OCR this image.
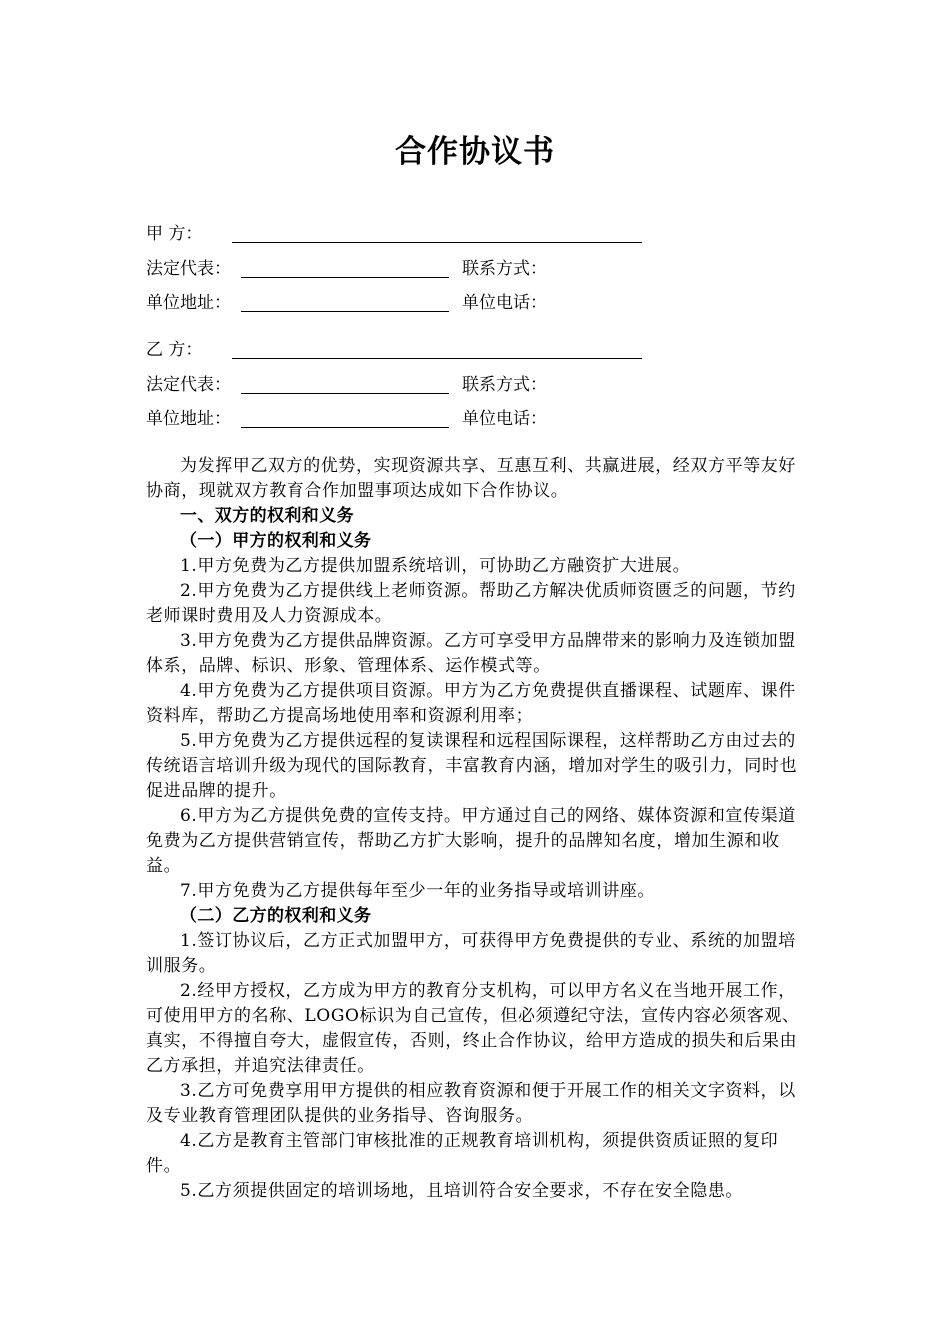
合作协议书
甲 方：
法定代表：	联系方式：
单位地址：	单位电话：
乙 方：
法定代表：	联系方式：
单位地址：	单位电话：

为发挥甲乙双方的优势，实现资源共享、互惠互利、共赢进展，经双方平等友好协商，现就双方教育合作加盟事项达成如下合作协议。

一、双方的权利和义务

（一）甲方的权利和义务

1.甲方免费为乙方提供加盟系统培训，可协助乙方融资扩大进展。

2.甲方免费为乙方提供线上老师资源。帮助乙方解决优质师资匮乏的问题，节约老师课时费用及人力资源成本。

3.甲方免费为乙方提供品牌资源。乙方可享受甲方品牌带来的影响力及连锁加盟体系，品牌、标识、形象、管理体系、运作模式等。

4.甲方免费为乙方提供项目资源。甲方为乙方免费提供直播课程、试题库、课件资料库，帮助乙方提高场地使用率和资源利用率；

5.甲方免费为乙方提供远程的复读课程和远程国际课程，这样帮助乙方由过去的传统语言培训升级为现代的国际教育，丰富教育内涵，增加对学生的吸引力，同时也促进品牌的提升。

6.甲方为乙方提供免费的宣传支持。甲方通过自己的网络、媒体资源和宣传渠道免费为乙方提供营销宣传，帮助乙方扩大影响，提升的品牌知名度，增加生源和收益。

7.甲方免费为乙方提供每年至少一年的业务指导或培训讲座。

（二）乙方的权利和义务

1.签订协议后，乙方正式加盟甲方，可获得甲方免费提供的专业、系统的加盟培训服务。

2.经甲方授权，乙方成为甲方的教育分支机构，可以甲方名义在当地开展工作，可使用甲方的名称、LOGO标识为自己宣传，但必须遵纪守法，宣传内容必须客观、真实，不得擅自夸大，虚假宣传，否则，终止合作协议，给甲方造成的损失和后果由乙方承担，并追究法律责任。

3.乙方可免费享用甲方提供的相应教育资源和便于开展工作的相关文字资料，以及专业教育管理团队提供的业务指导、咨询服务。

4.乙方是教育主管部门审核批准的正规教育培训机构，须提供资质证照的复印件。

5.乙方须提供固定的培训场地，且培训符合安全要求，不存在安全隐患。
